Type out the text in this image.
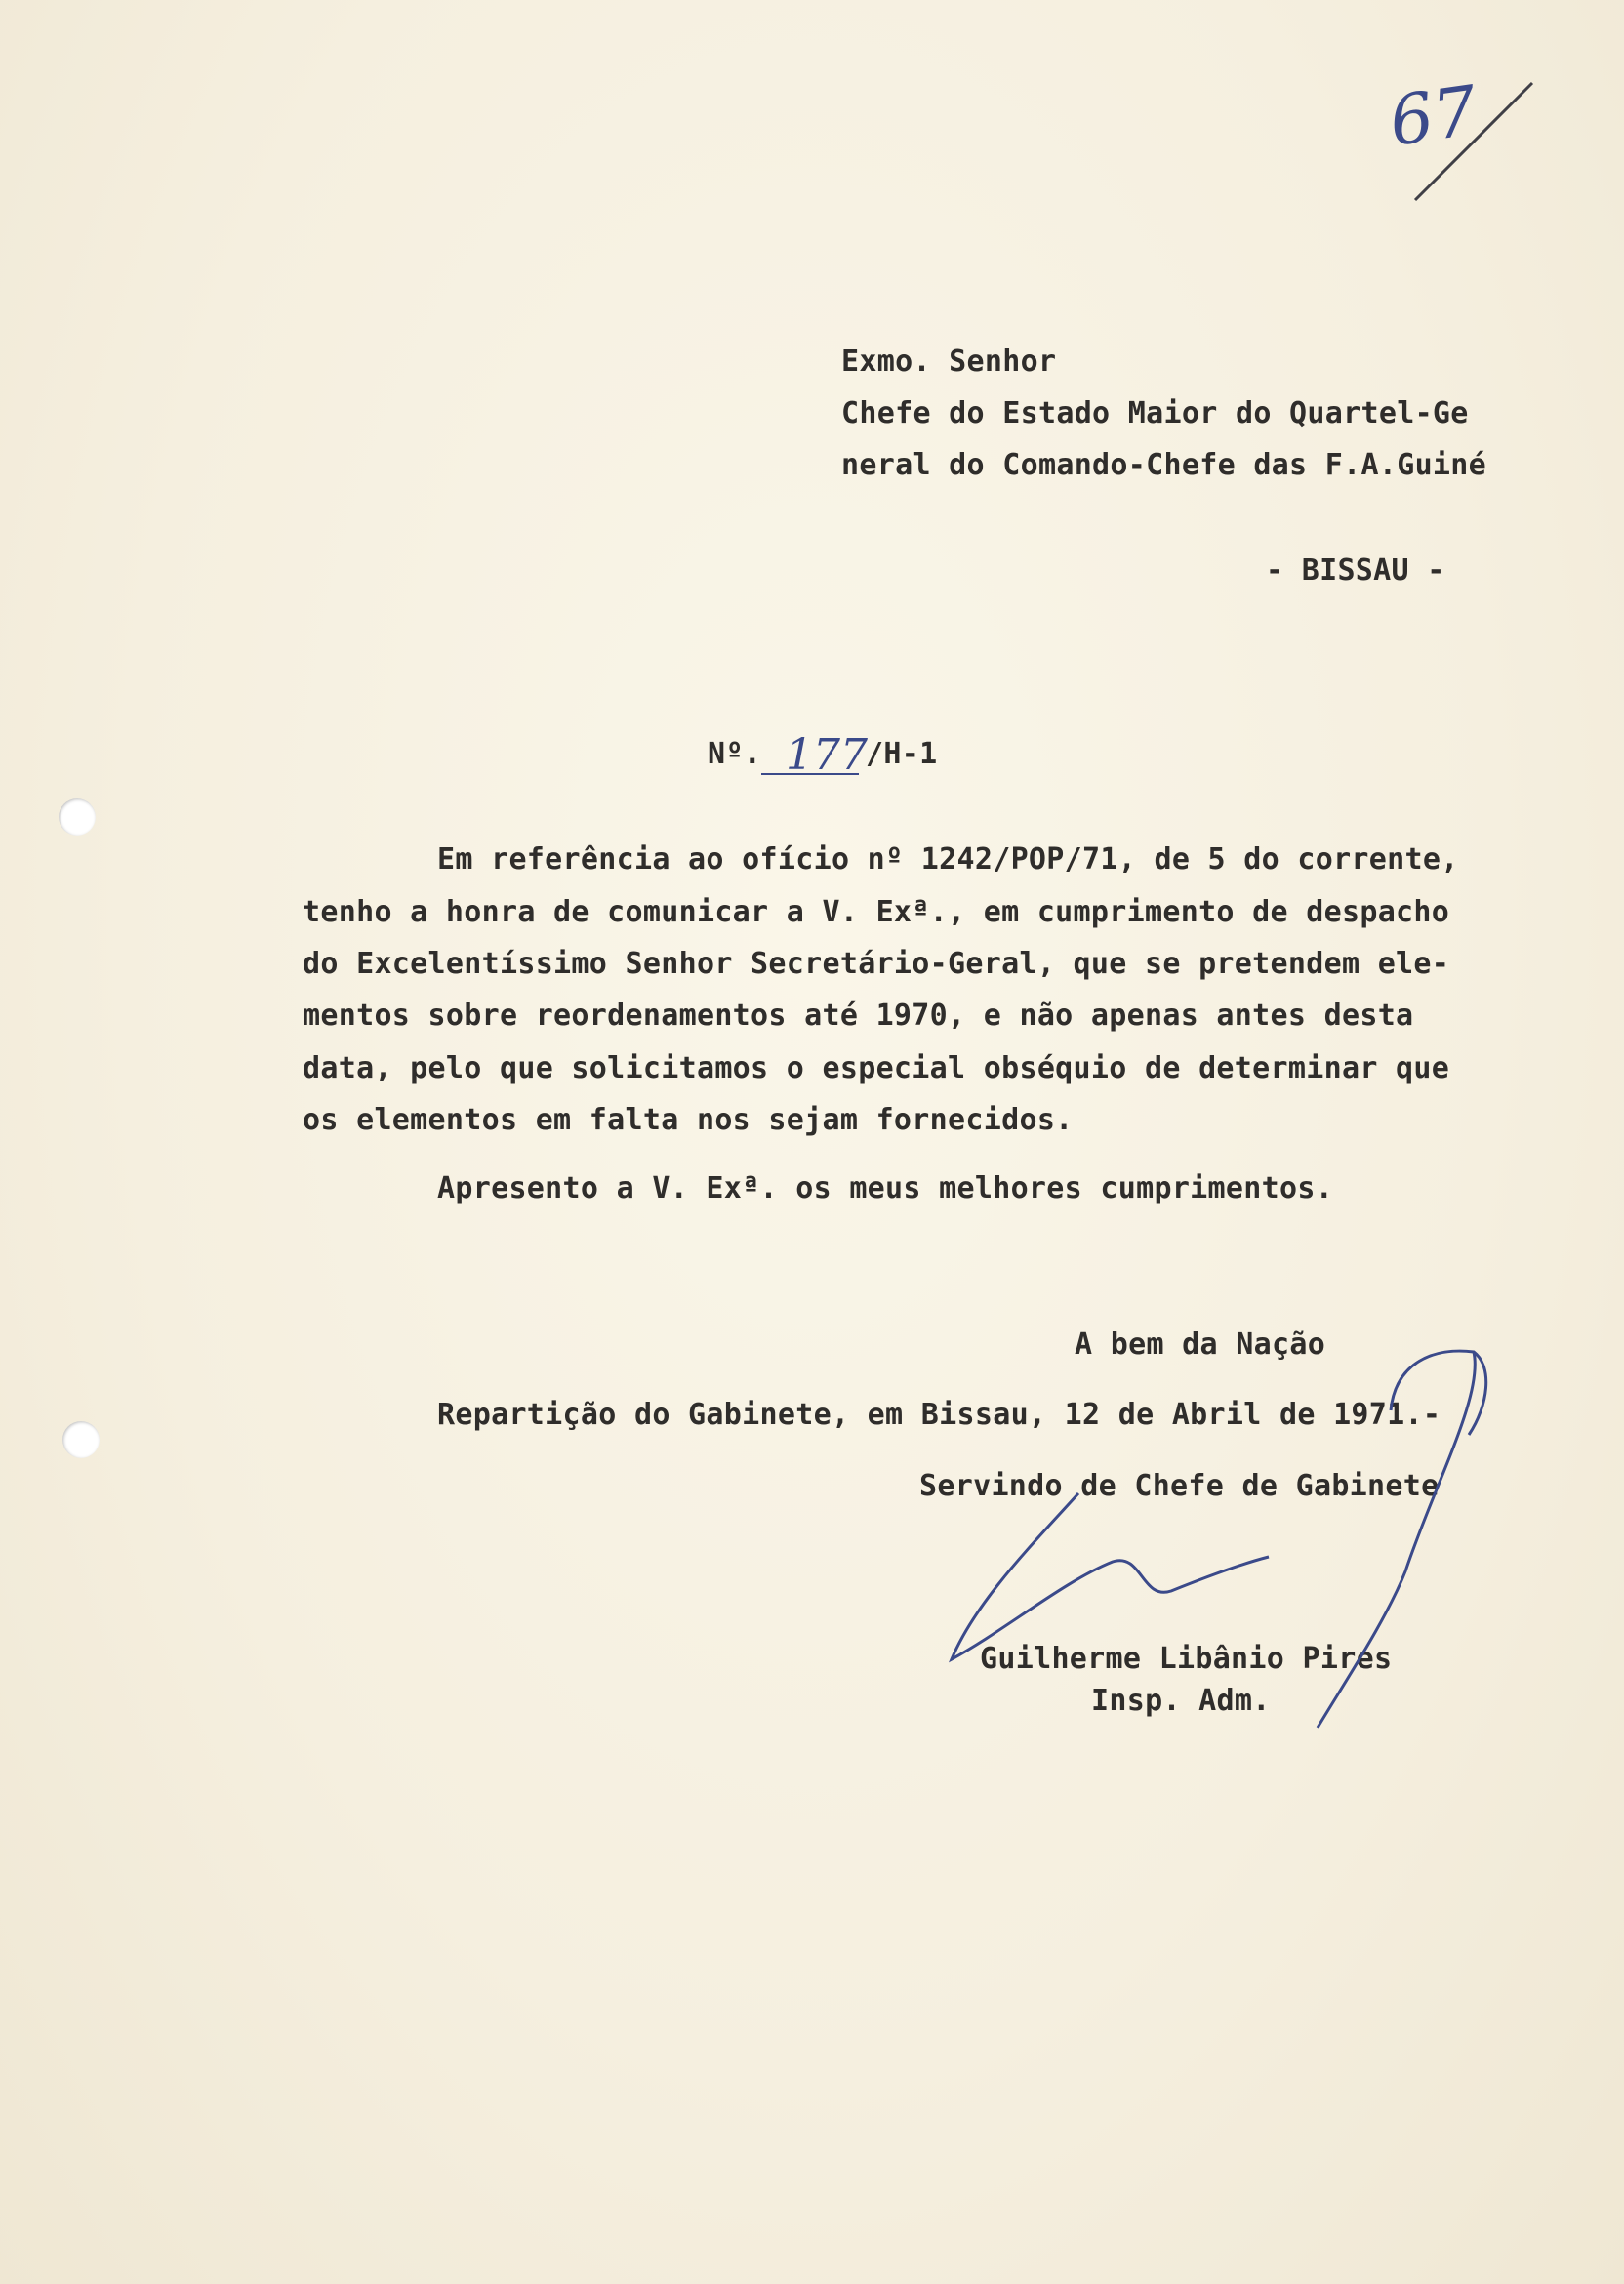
67
Exmo. Senhor
Chefe do Estado Maior do Quartel-Ge
neral do Comando-Chefe das F.A.Guiné
- BISSAU -
Nº. 177
/H-1
Em referência ao ofício nº 1242/POP/71, de 5 do corrente,
tenho a honra de comunicar a V. Exª., em cumprimento de despacho
do Excelentíssimo Senhor Secretário-Geral, que se pretendem ele-
mentos sobre reordenamentos até 1970, e não apenas antes desta
data, pelo que solicitamos o especial obséquio de determinar que
os elementos em falta nos sejam fornecidos.
Apresento a V. Exª. os meus melhores cumprimentos.
A bem da Nação
Repartição do Gabinete, em Bissau, 12 de Abril de 1971.-
Servindo de Chefe de Gabinete
Guilherme Libânio Pires
Insp. Adm.
